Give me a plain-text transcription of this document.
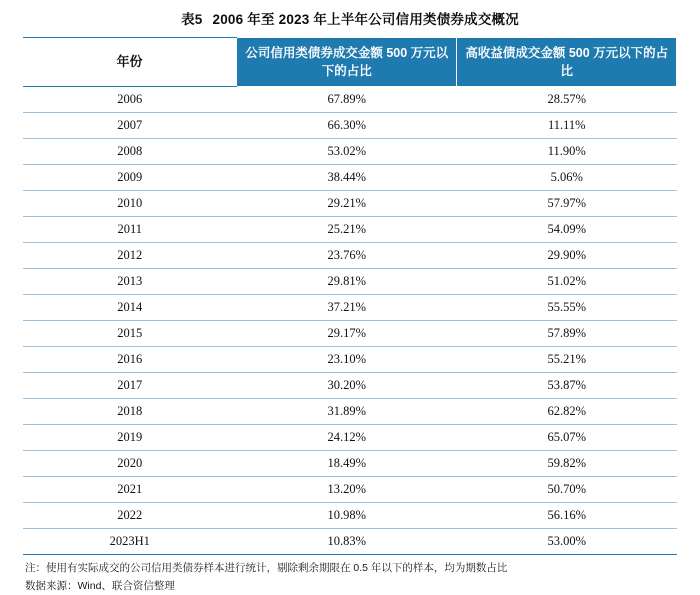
表5 2006 年至 2023 年上半年公司信用类债券成交概况
年份	公司信用类债券成交金额 500 万元以下的占比	高收益债成交金额 500 万元以下的占比
2006	67.89%	28.57%
2007	66.30%	11.11%
2008	53.02%	11.90%
2009	38.44%	5.06%
2010	29.21%	57.97%
2011	25.21%	54.09%
2012	23.76%	29.90%
2013	29.81%	51.02%
2014	37.21%	55.55%
2015	29.17%	57.89%
2016	23.10%	55.21%
2017	30.20%	53.87%
2018	31.89%	62.82%
2019	24.12%	65.07%
2020	18.49%	59.82%
2021	13.20%	50.70%
2022	10.98%	56.16%
2023H1	10.83%	53.00%
注：使用有实际成交的公司信用类债券样本进行统计，剔除剩余期限在 0.5 年以下的样本，均为期数占比
数据来源：Wind、联合资信整理
